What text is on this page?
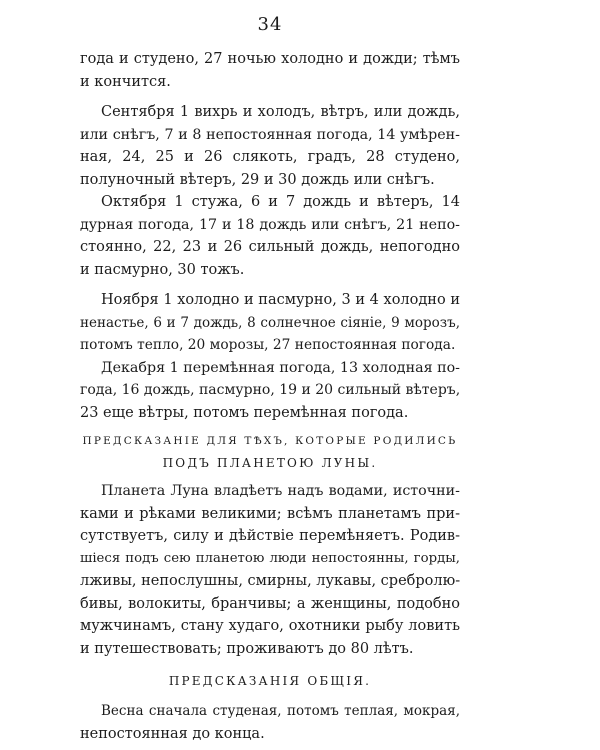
34

года и студено, 27 ночью холодно и дожди; тѣмъ
и кончится.
Сентября 1 вихрь и холодъ, вѣтръ, или дождь,
или снѣгъ, 7 и 8 непостоянная погода, 14 умѣрен-
ная, 24, 25 и 26 слякоть, градъ, 28 студено,
полуночный вѣтеръ, 29 и 30 дождь или снѣгъ.
Октября 1 стужа, 6 и 7 дождь и вѣтеръ, 14
дурная погода, 17 и 18 дождь или снѣгъ, 21 непо-
стоянно, 22, 23 и 26 сильный дождь, непогодно
и пасмурно, 30 тожъ.
Ноября 1 холодно и пасмурно, 3 и 4 холодно и
ненастье, 6 и 7 дождь, 8 солнечное сіяніе, 9 морозъ,
потомъ тепло, 20 морозы, 27 непостоянная погода.
Декабря 1 перемѣнная погода, 13 холодная по-
года, 16 дождь, пасмурно, 19 и 20 сильный вѣтеръ,
23 еще вѣтры, потомъ перемѣнная погода.
ПРЕДСКАЗАНІЕ ДЛЯ ТѢХЪ, КОТОРЫЕ РОДИЛИСЬ
ПОДЪ ПЛАНЕТОЮ ЛУНЫ.
Планета Луна владѣетъ надъ водами, источни-
ками и рѣками великими; всѣмъ планетамъ при-
сутствуетъ, силу и дѣйствіе перемѣняетъ. Родив-
шіеся подъ сею планетою люди непостоянны, горды,
лживы, непослушны, смирны, лукавы, сребролю-
бивы, волокиты, бранчивы; а женщины, подобно
мужчинамъ, стану худаго, охотники рыбу ловить
и путешествовать; проживаютъ до 80 лѣтъ.
ПРЕДСКАЗАНІЯ ОБЩІЯ.
Весна сначала студеная, потомъ теплая, мокрая,
непостоянная до конца.
